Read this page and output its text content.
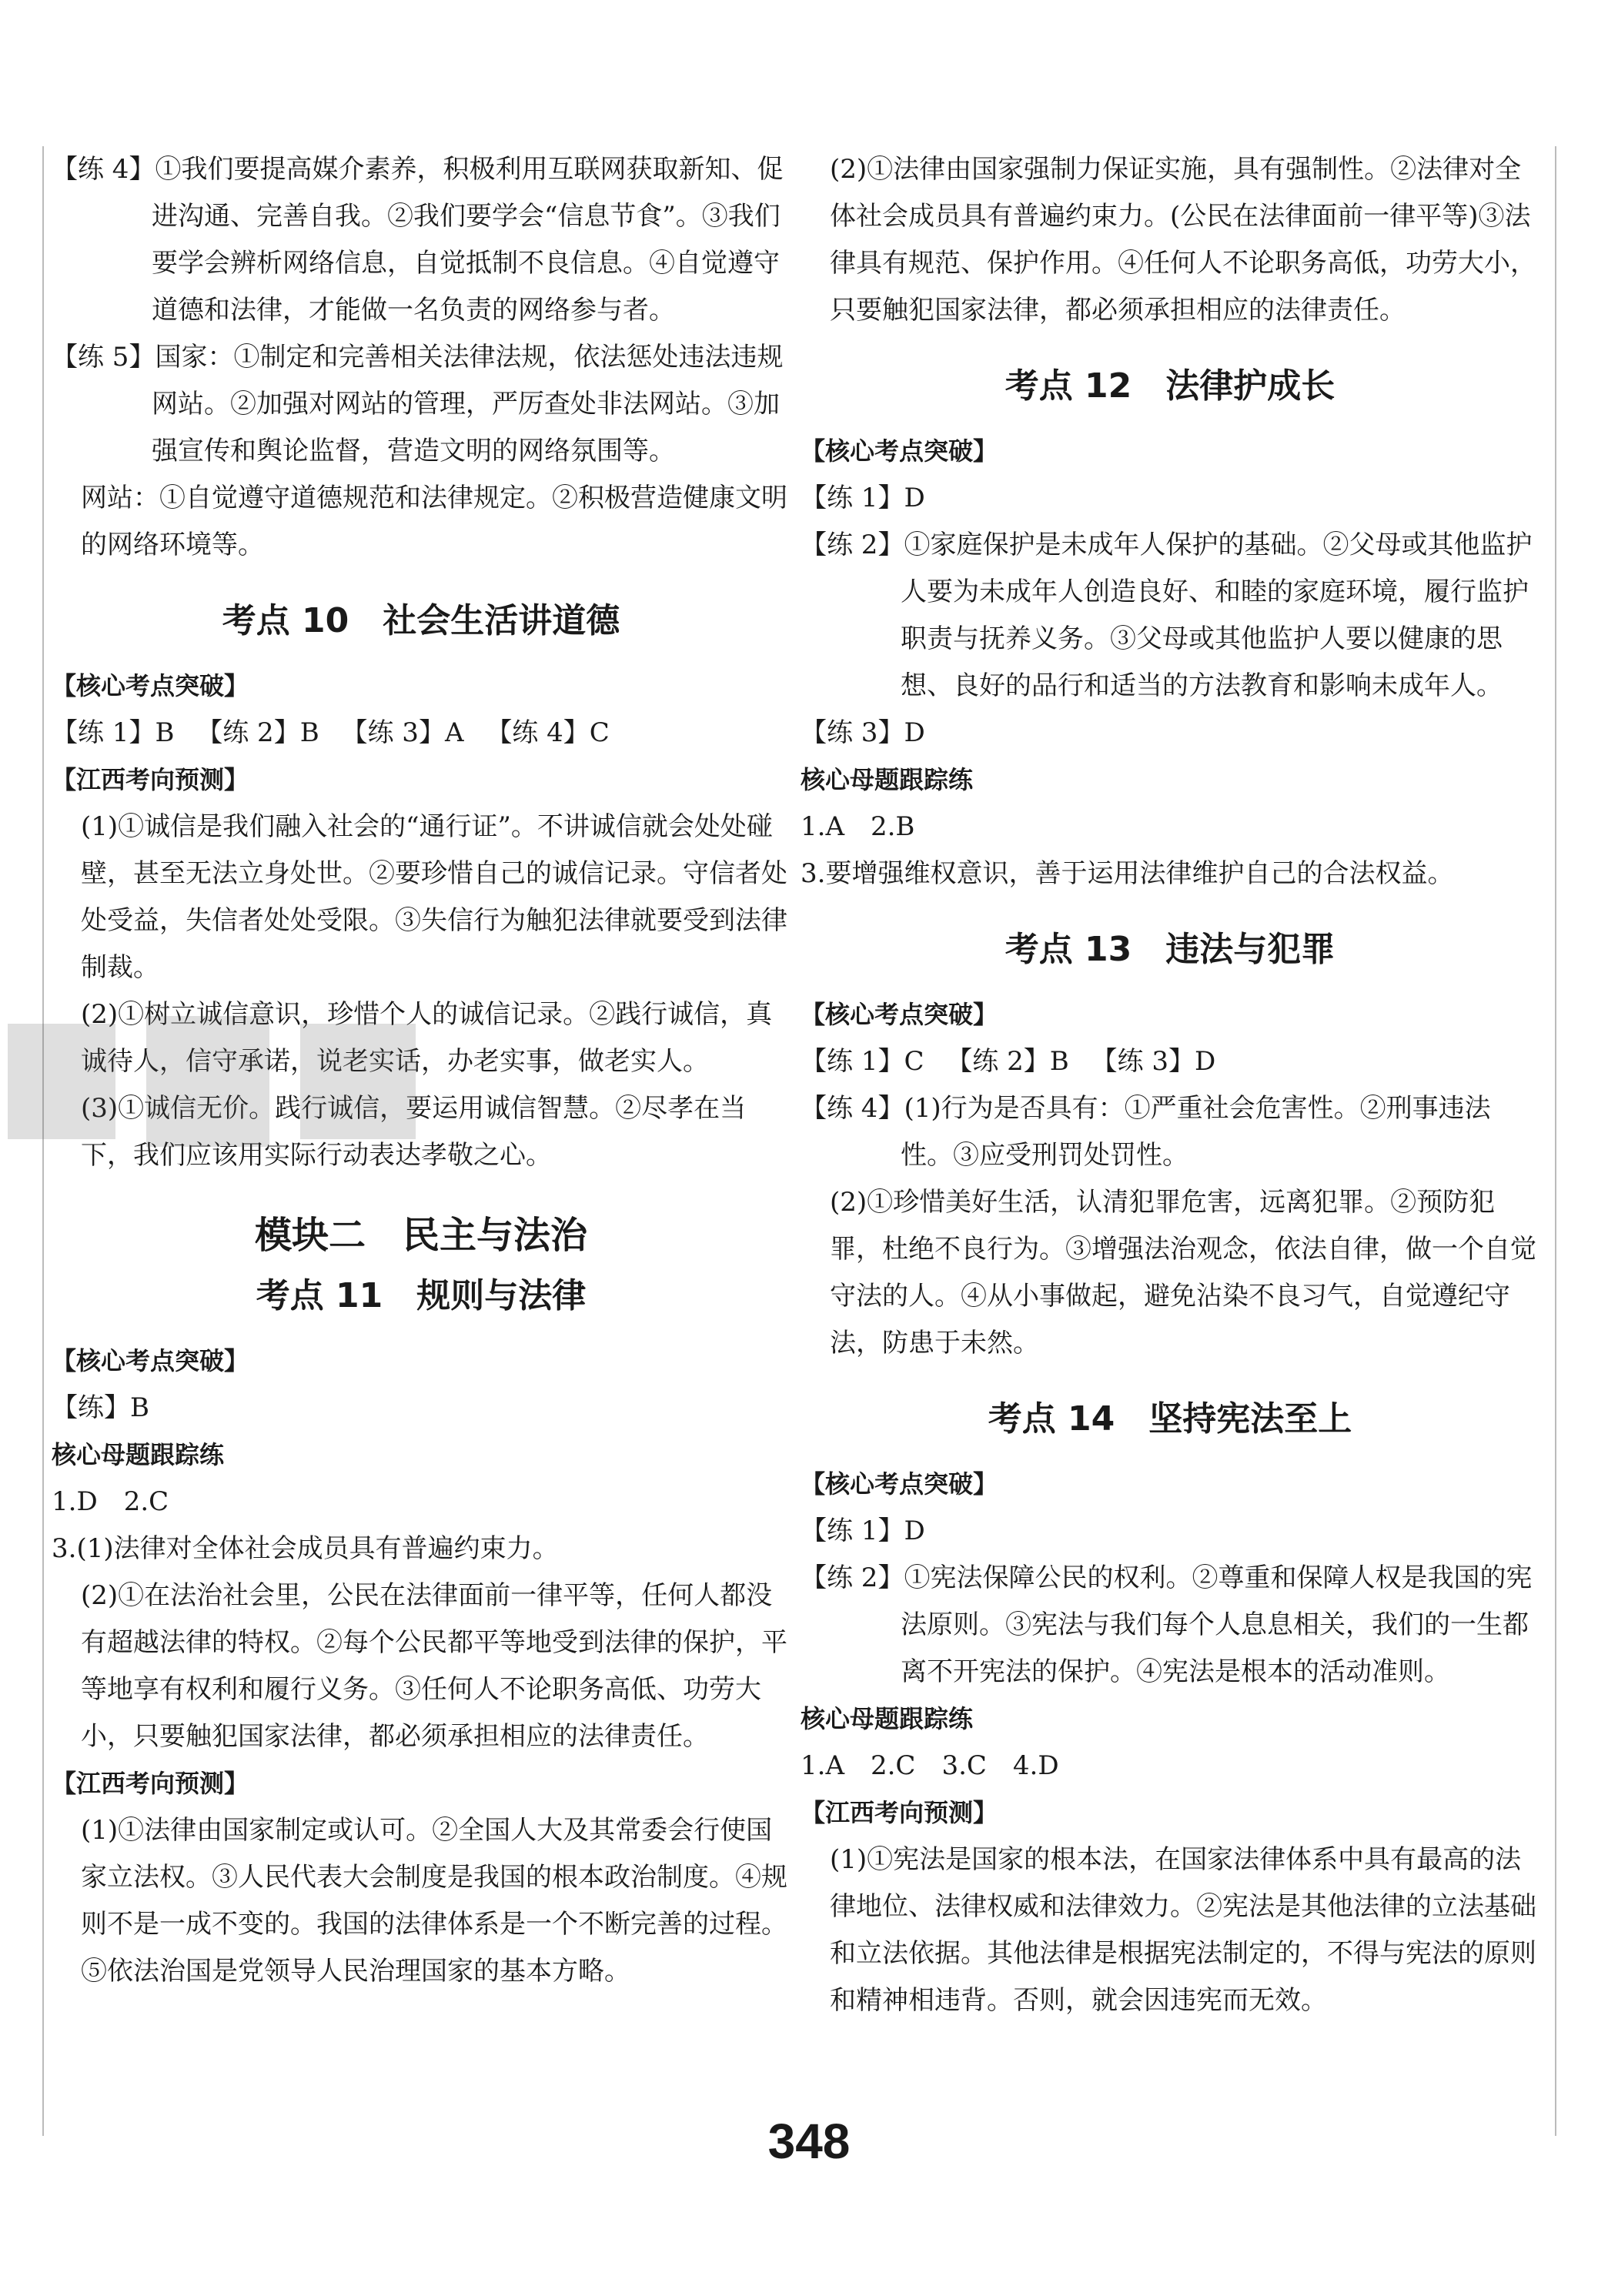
【练 4】①我们要提高媒介素养，积极利用互联网获取新知、促进沟通、完善自我。②我们要学会“信息节食”。③我们要学会辨析网络信息，自觉抵制不良信息。④自觉遵守道德和法律，才能做一名负责的网络参与者。

【练 5】国家：①制定和完善相关法律法规，依法惩处违法违规网站。②加强对网站的管理，严厉查处非法网站。③加强宣传和舆论监督，营造文明的网络氛围等。

网站：①自觉遵守道德规范和法律规定。②积极营造健康文明的网络环境等。

考点 10　社会生活讲道德

【核心考点突破】

【练 1】B 【练 2】B 【练 3】A 【练 4】C

【江西考向预测】

(1)①诚信是我们融入社会的“通行证”。不讲诚信就会处处碰壁，甚至无法立身处世。②要珍惜自己的诚信记录。守信者处处受益，失信者处处受限。③失信行为触犯法律就要受到法律制裁。

(2)①树立诚信意识，珍惜个人的诚信记录。②践行诚信，真诚待人，信守承诺，说老实话，办老实事，做老实人。

(3)①诚信无价。践行诚信，要运用诚信智慧。②尽孝在当下，我们应该用实际行动表达孝敬之心。

模块二　民主与法治
考点 11　规则与法律

【核心考点突破】

【练】B

核心母题跟踪练

1.D　2.C

3.(1)法律对全体社会成员具有普遍约束力。

(2)①在法治社会里，公民在法律面前一律平等，任何人都没有超越法律的特权。②每个公民都平等地受到法律的保护，平等地享有权利和履行义务。③任何人不论职务高低、功劳大小，只要触犯国家法律，都必须承担相应的法律责任。

【江西考向预测】

(1)①法律由国家制定或认可。②全国人大及其常委会行使国家立法权。③人民代表大会制度是我国的根本政治制度。④规则不是一成不变的。我国的法律体系是一个不断完善的过程。⑤依法治国是党领导人民治理国家的基本方略。

(2)①法律由国家强制力保证实施，具有强制性。②法律对全体社会成员具有普遍约束力。(公民在法律面前一律平等)③法律具有规范、保护作用。④任何人不论职务高低，功劳大小，只要触犯国家法律，都必须承担相应的法律责任。

考点 12　法律护成长

【核心考点突破】

【练 1】D

【练 2】①家庭保护是未成年人保护的基础。②父母或其他监护人要为未成年人创造良好、和睦的家庭环境，履行监护职责与抚养义务。③父母或其他监护人要以健康的思想、良好的品行和适当的方法教育和影响未成年人。

【练 3】D

核心母题跟踪练

1.A　2.B

3.要增强维权意识，善于运用法律维护自己的合法权益。

考点 13　违法与犯罪

【核心考点突破】

【练 1】C 【练 2】B 【练 3】D

【练 4】(1)行为是否具有：①严重社会危害性。②刑事违法性。③应受刑罚处罚性。

(2)①珍惜美好生活，认清犯罪危害，远离犯罪。②预防犯罪，杜绝不良行为。③增强法治观念，依法自律，做一个自觉守法的人。④从小事做起，避免沾染不良习气，自觉遵纪守法，防患于未然。

考点 14　坚持宪法至上

【核心考点突破】

【练 1】D

【练 2】①宪法保障公民的权利。②尊重和保障人权是我国的宪法原则。③宪法与我们每个人息息相关，我们的一生都离不开宪法的保护。④宪法是根本的活动准则。

核心母题跟踪练

1.A　2.C　3.C　4.D

【江西考向预测】

(1)①宪法是国家的根本法，在国家法律体系中具有最高的法律地位、法律权威和法律效力。②宪法是其他法律的立法基础和立法依据。其他法律是根据宪法制定的，不得与宪法的原则和精神相违背。否则，就会因违宪而无效。

348
